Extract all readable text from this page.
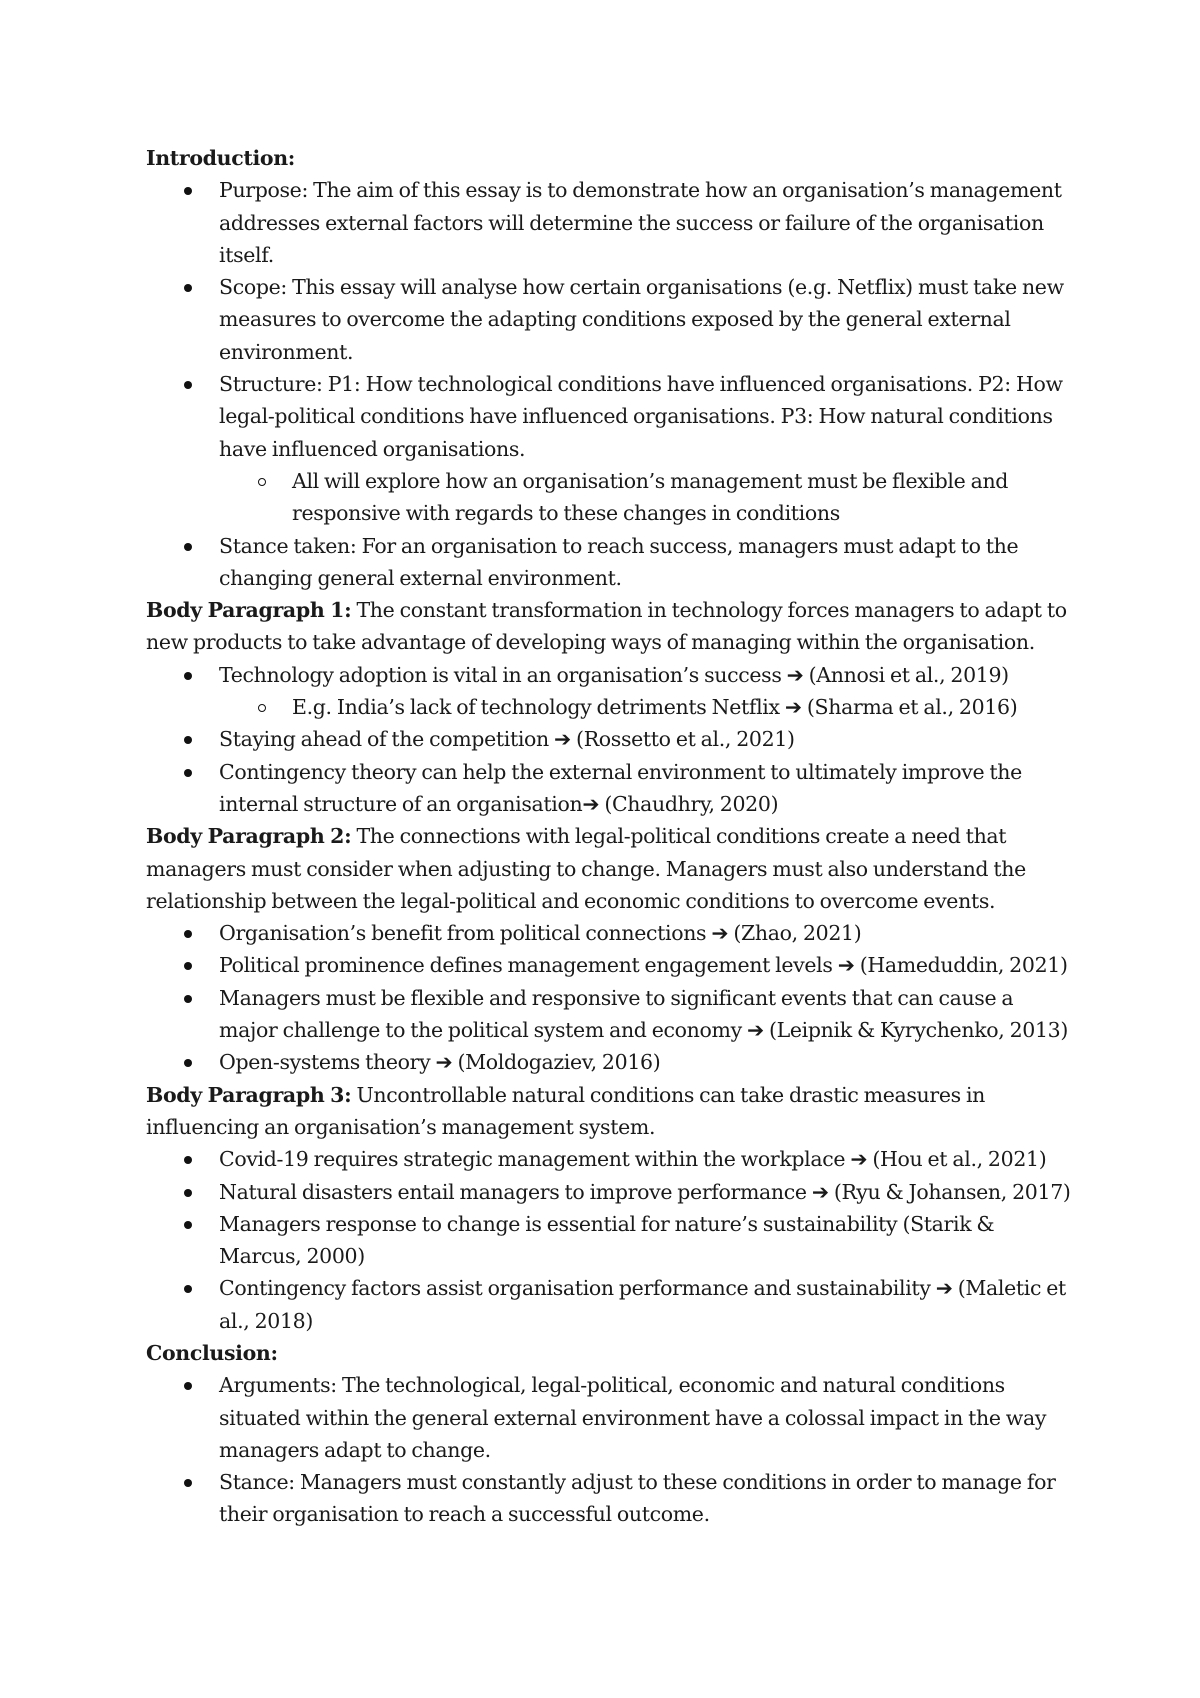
Introduction:

Purpose: The aim of this essay is to demonstrate how an organisation’s management addresses external factors will determine the success or failure of the organisation itself.
Scope: This essay will analyse how certain organisations (e.g. Netflix) must take new measures to overcome the adapting conditions exposed by the general external environment.
Structure: P1: How technological conditions have influenced organisations. P2: How legal-political conditions have influenced organisations. P3: How natural conditions have influenced organisations.
All will explore how an organisation’s management must be flexible and responsive with regards to these changes in conditions
Stance taken: For an organisation to reach success, managers must adapt to the changing general external environment.

Body Paragraph 1: The constant transformation in technology forces managers to adapt to new products to take advantage of developing ways of managing within the organisation.

Technology adoption is vital in an organisation’s success ➔ (Annosi et al., 2019)
E.g. India’s lack of technology detriments Netflix ➔ (Sharma et al., 2016)
Staying ahead of the competition ➔ (Rossetto et al., 2021)
Contingency theory can help the external environment to ultimately improve the internal structure of an organisation➔ (Chaudhry, 2020)

Body Paragraph 2: The connections with legal-political conditions create a need that managers must consider when adjusting to change. Managers must also understand the relationship between the legal-political and economic conditions to overcome events.

Organisation’s benefit from political connections ➔ (Zhao, 2021)
Political prominence defines management engagement levels ➔ (Hameduddin, 2021)
Managers must be flexible and responsive to significant events that can cause a major challenge to the political system and economy ➔ (Leipnik & Kyrychenko, 2013)
Open-systems theory ➔ (Moldogaziev, 2016)

Body Paragraph 3: Uncontrollable natural conditions can take drastic measures in influencing an organisation’s management system.

Covid-19 requires strategic management within the workplace ➔ (Hou et al., 2021)
Natural disasters entail managers to improve performance ➔ (Ryu & Johansen, 2017)
Managers response to change is essential for nature’s sustainability (Starik & Marcus, 2000)
Contingency factors assist organisation performance and sustainability ➔ (Maletic et al., 2018)

Conclusion:

Arguments: The technological, legal-political, economic and natural conditions situated within the general external environment have a colossal impact in the way managers adapt to change.
Stance: Managers must constantly adjust to these conditions in order to manage for their organisation to reach a successful outcome.
